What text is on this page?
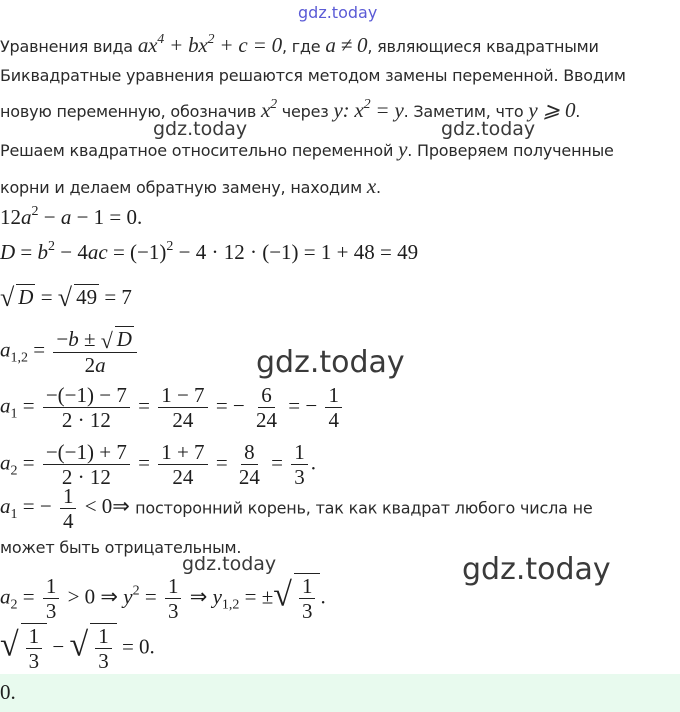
gdz.today
Уравнения вида $ax^4 + bx^2 + c = 0$, где a ≠ 0, являющиеся квадратными
Биквадратные уравнения решаются методом замены переменной. Вводим
новую переменную, обозначив $x^2$ через y: $x^2 = y$. Заметим, что y ⩾ 0.
gdz.today	gdz.today
Решаем квадратное относительно переменной y. Проверяем полученные
корни и делаем обратную замену, находим x.
$12a^2 - a - 1 = 0$.
$D = b^2 - 4ac = (-1)^2 - 4 \cdot 12 \cdot (-1) = 1 + 48 = 49$
√ D = √ 49 = 7
$a_{1,2} = \frac{-b \pm √ D}{2a}$	gdz.today
$a_1 = \frac{-(-1) - 7}{2 \cdot 12} = \frac{1 - 7}{24}$ = − $\frac{6}{24}$ = − $\frac{1}{4}$
$a_2 = \frac{-(-1) + 7}{2 \cdot 12} = \frac{1 + 7}{24} = \frac{8}{24} = \frac{1}{3}$ .
$a_1$ = − $\frac{1}{4}$ < 0⇒ посторонний корень, так как квадрат любого числа не
может быть отрицательным.
gdz.today	gdz.today
$a_2 = \frac{1}{3} > 0$ ⇒ $y^2 = \frac{1}{3}$ ⇒ $y_{1,2}$ = ±√ $\frac{1}{3}$ .
√ $\frac{1}{3}$ − √ $\frac{1}{3} = 0$.
0.
